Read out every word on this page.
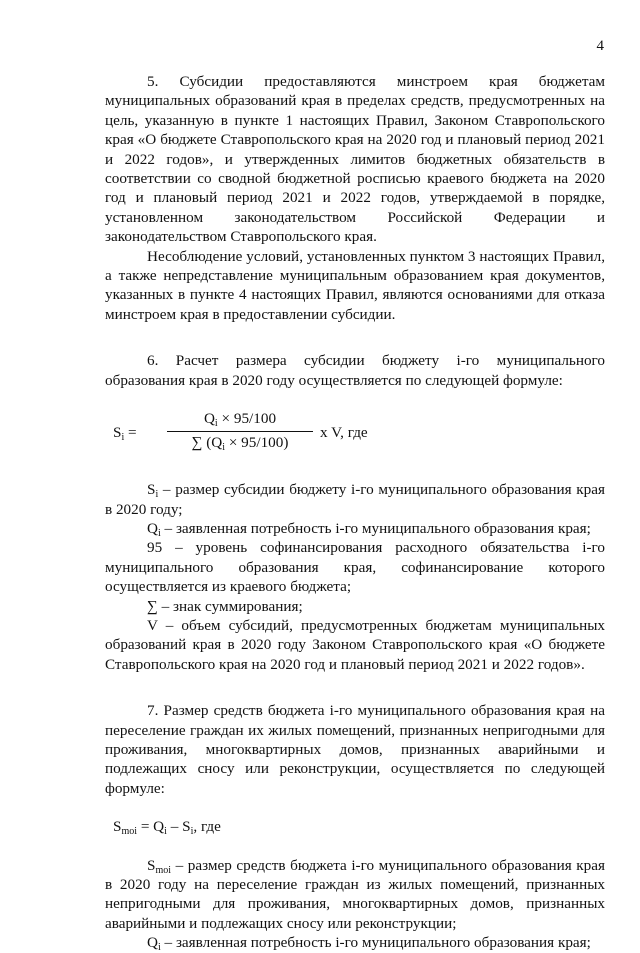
4

5. Субсидии предоставляются минстроем края бюджетам муниципальных образований края в пределах средств, предусмотренных на цель, указанную в пункте 1 настоящих Правил, Законом Ставропольского края «О бюджете Ставропольского края на 2020 год и плановый период 2021 и 2022 годов», и утвержденных лимитов бюджетных обязательств в соответствии со сводной бюджетной росписью краевого бюджета на 2020 год и плановый период 2021 и 2022 годов, утверждаемой в порядке, установленном законодательством Российской Федерации и законодательством Ставропольского края.

Несоблюдение условий, установленных пунктом 3 настоящих Правил, а также непредставление муниципальным образованием края документов, указанных в пункте 4 настоящих Правил, являются основаниями для отказа минстроем края в предоставлении субсидии.

6. Расчет размера субсидии бюджету i-го муниципального образования края в 2020 году осуществляется по следующей формуле:

$S_i = \frac{Q_i \times 95/100}{\sum (Q_i \times 95/100)}$ x V, где

$S_i$ – размер субсидии бюджету i-го муниципального образования края в 2020 году;

$Q_i$ – заявленная потребность i-го муниципального образования края;

95 – уровень софинансирования расходного обязательства i-го муниципального образования края, софинансирование которого осуществляется из краевого бюджета;

∑ – знак суммирования;

V – объем субсидий, предусмотренных бюджетам муниципальных образований края в 2020 году Законом Ставропольского края «О бюджете Ставропольского края на 2020 год и плановый период 2021 и 2022 годов».

7. Размер средств бюджета i-го муниципального образования края на переселение граждан их жилых помещений, признанных непригодными для проживания, многоквартирных домов, признанных аварийными и подлежащих сносу или реконструкции, осуществляется по следующей формуле:

$S_{moi} = Q_i - S_i$, где

$S_{moi}$ – размер средств бюджета i-го муниципального образования края в 2020 году на переселение граждан из жилых помещений, признанных непригодными для проживания, многоквартирных домов, признанных аварийными и подлежащих сносу или реконструкции;

$Q_i$ – заявленная потребность i-го муниципального образования края;
